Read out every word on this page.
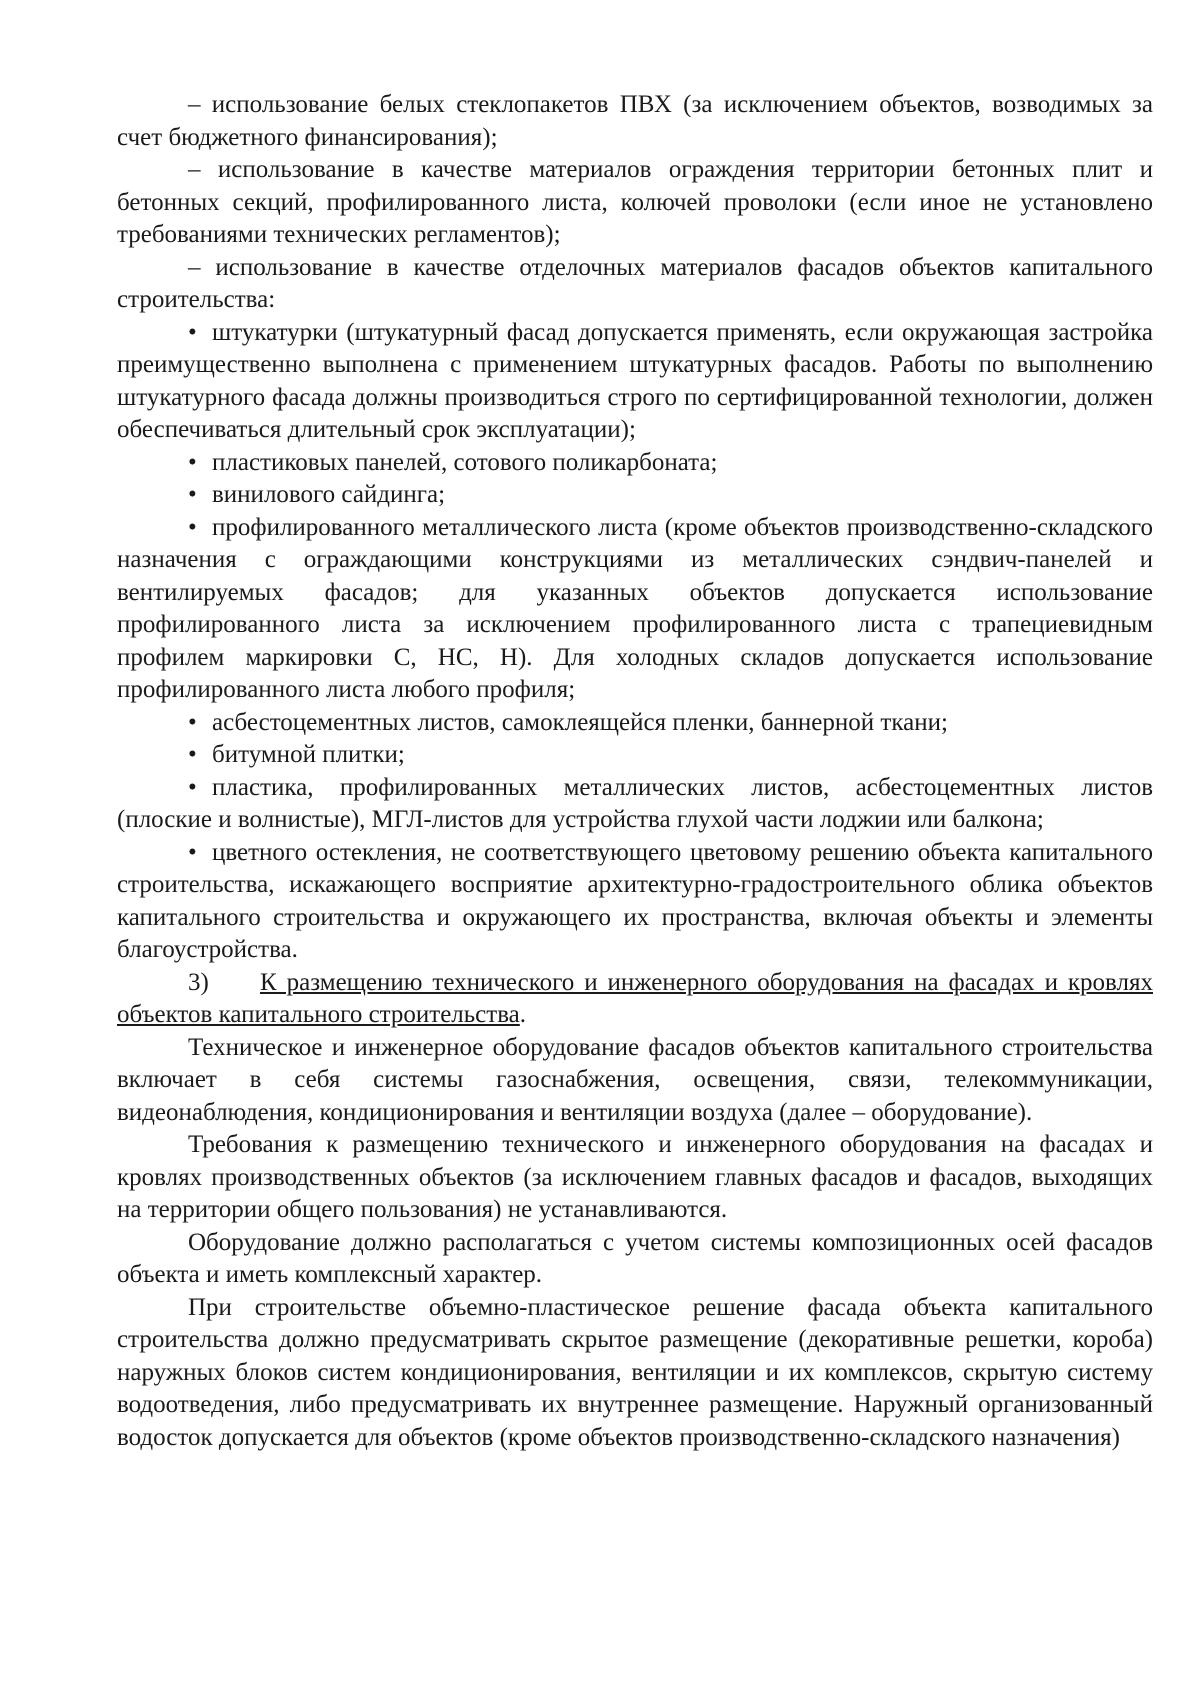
– использование белых стеклопакетов ПВХ (за исключением объектов, возводимых за счет бюджетного финансирования);

– использование в качестве материалов ограждения территории бетонных плит и бетонных секций, профилированного листа, колючей проволоки (если иное не установлено требованиями технических регламентов);

– использование в качестве отделочных материалов фасадов объектов капитального строительства:

• штукатурки (штукатурный фасад допускается применять, если окружающая застройка преимущественно выполнена с применением штукатурных фасадов. Работы по выполнению штукатурного фасада должны производиться строго по сертифицированной технологии, должен обеспечиваться длительный срок эксплуатации);

• пластиковых панелей, сотового поликарбоната;

• винилового сайдинга;

• профилированного металлического листа (кроме объектов производственно-складского назначения с ограждающими конструкциями из металлических сэндвич-панелей и вентилируемых фасадов; для указанных объектов допускается использование профилированного листа за исключением профилированного листа с трапециевидным профилем маркировки С, НС, Н). Для холодных складов допускается использование профилированного листа любого профиля;

• асбестоцементных листов, самоклеящейся пленки, баннерной ткани;

• битумной плитки;

• пластика, профилированных металлических листов, асбестоцементных листов (плоские и волнистые), МГЛ-листов для устройства глухой части лоджии или балкона;

• цветного остекления, не соответствующего цветовому решению объекта капитального строительства, искажающего восприятие архитектурно-градостроительного облика объектов капитального строительства и окружающего их пространства, включая объекты и элементы благоустройства.

3) К размещению технического и инженерного оборудования на фасадах и кровлях объектов капитального строительства.

Техническое и инженерное оборудование фасадов объектов капитального строительства включает в себя системы газоснабжения, освещения, связи, телекоммуникации, видеонаблюдения, кондиционирования и вентиляции воздуха (далее – оборудование).

Требования к размещению технического и инженерного оборудования на фасадах и кровлях производственных объектов (за исключением главных фасадов и фасадов, выходящих на территории общего пользования) не устанавливаются.

Оборудование должно располагаться с учетом системы композиционных осей фасадов объекта и иметь комплексный характер.

При строительстве объемно-пластическое решение фасада объекта капитального строительства должно предусматривать скрытое размещение (декоративные решетки, короба) наружных блоков систем кондиционирования, вентиляции и их комплексов, скрытую систему водоотведения, либо предусматривать их внутреннее размещение. Наружный организованный водосток допускается для объектов (кроме объектов производственно-складского назначения)
